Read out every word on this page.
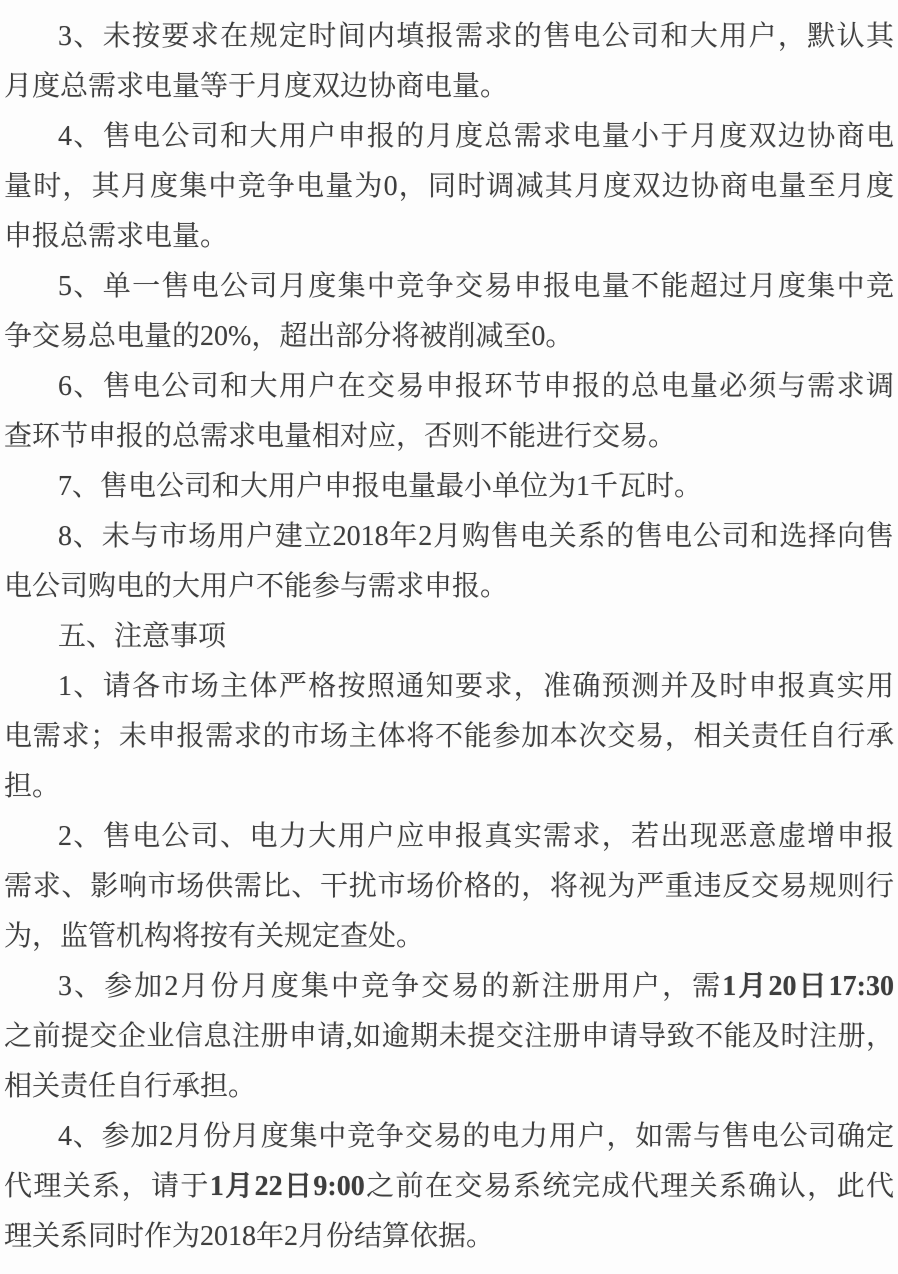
3、未按要求在规定时间内填报需求的售电公司和大用户，默认其
月度总需求电量等于月度双边协商电量。
4、售电公司和大用户申报的月度总需求电量小于月度双边协商电
量时，其月度集中竞争电量为0，同时调减其月度双边协商电量至月度
申报总需求电量。
5、单一售电公司月度集中竞争交易申报电量不能超过月度集中竞
争交易总电量的20%，超出部分将被削减至0。
6、售电公司和大用户在交易申报环节申报的总电量必须与需求调
查环节申报的总需求电量相对应，否则不能进行交易。
7、售电公司和大用户申报电量最小单位为1千瓦时。
8、未与市场用户建立2018年2月购售电关系的售电公司和选择向售
电公司购电的大用户不能参与需求申报。
五、注意事项
1、请各市场主体严格按照通知要求，准确预测并及时申报真实用
电需求；未申报需求的市场主体将不能参加本次交易，相关责任自行承
担。
2、售电公司、电力大用户应申报真实需求，若出现恶意虚增申报
需求、影响市场供需比、干扰市场价格的，将视为严重违反交易规则行
为，监管机构将按有关规定查处。
3、参加2月份月度集中竞争交易的新注册用户，需1月20日17:30
之前提交企业信息注册申请,如逾期未提交注册申请导致不能及时注册，
相关责任自行承担。
4、参加2月份月度集中竞争交易的电力用户，如需与售电公司确定
代理关系，请于1月22日9:00之前在交易系统完成代理关系确认，此代
理关系同时作为2018年2月份结算依据。
